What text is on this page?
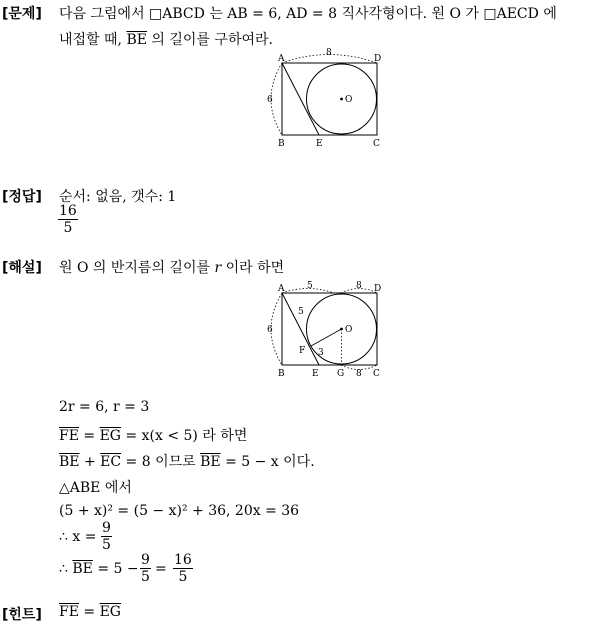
[문제] 다음 그림에서 □ABCD 는 AB = 6, AD = 8 직사각형이다. 원 O 가 □AECD 에
내접할 때, $\overline{BE}$ 의 길이를 구하여라.
A	D
B	E	C
O
8
6
[정답] 순서: 없음, 갯수: 1
$\frac{16}{5}$
[해설] 원 O 의 반지름의 길이를 r 이라 하면
A	D
B	E G	C
O
F
5	8
5
3
8
6
2r = 6, r = 3
$\overline{FE} = \overline{EG} = x(x < 5)$ 라 하면
$\overline{BE} + \overline{EC} = 8$ 이므로 $\overline{BE} = 5 - x$ 이다.
△ABE 에서
(5 + x)² = (5 − x)² + 36, 20x = 36
∴ $x = \frac{9}{5}$
∴ $\overline{BE} = 5 - \frac{9}{5} = \frac{16}{5}$
[힌트] $\overline{FE} = \overline{EG}$
